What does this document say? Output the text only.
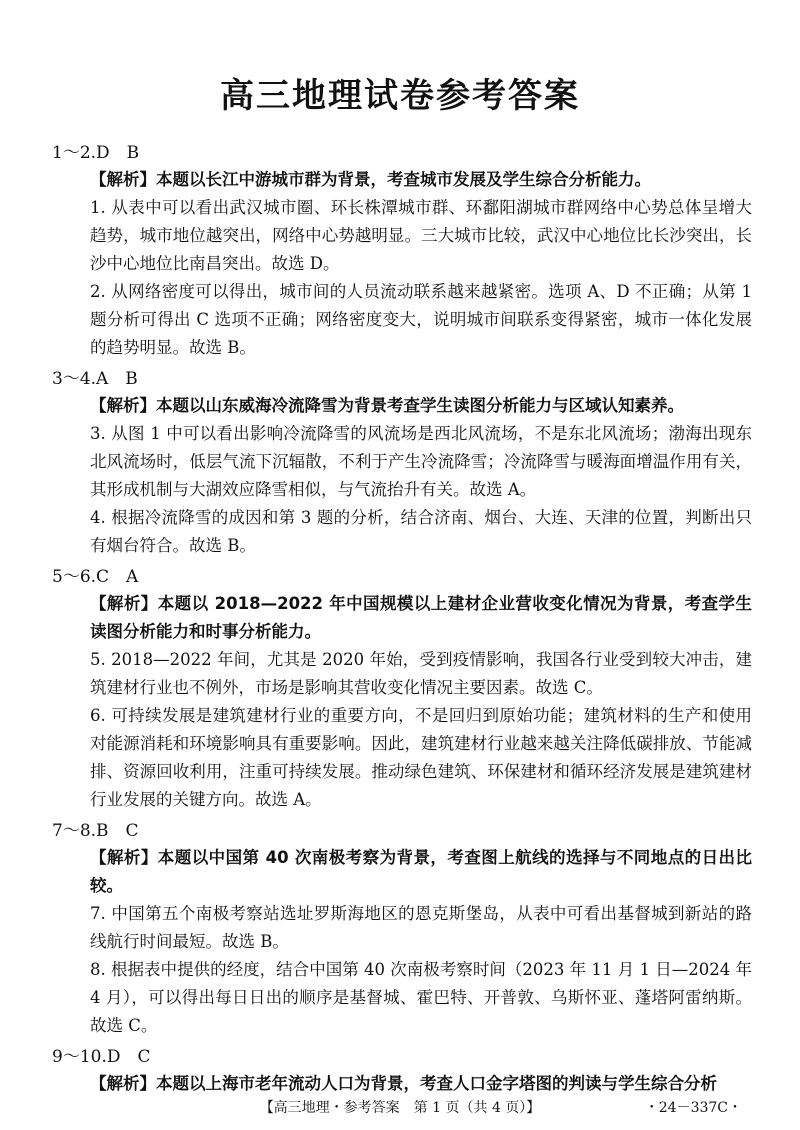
高三地理试卷参考答案

1～2.D　B

【解析】本题以长江中游城市群为背景，考查城市发展及学生综合分析能力。

1. 从表中可以看出武汉城市圈、环长株潭城市群、环鄱阳湖城市群网络中心势总体呈增大趋势，城市地位越突出，网络中心势越明显。三大城市比较，武汉中心地位比长沙突出，长沙中心地位比南昌突出。故选 D。

2. 从网络密度可以得出，城市间的人员流动联系越来越紧密。选项 A、D 不正确；从第 1 题分析可得出 C 选项不正确；网络密度变大，说明城市间联系变得紧密，城市一体化发展的趋势明显。故选 B。

3～4.A　B

【解析】本题以山东威海冷流降雪为背景考查学生读图分析能力与区域认知素养。

3. 从图 1 中可以看出影响冷流降雪的风流场是西北风流场，不是东北风流场；渤海出现东北风流场时，低层气流下沉辐散，不利于产生冷流降雪；冷流降雪与暖海面增温作用有关，其形成机制与大湖效应降雪相似，与气流抬升有关。故选 A。

4. 根据冷流降雪的成因和第 3 题的分析，结合济南、烟台、大连、天津的位置，判断出只有烟台符合。故选 B。

5～6.C　A

【解析】本题以 2018—2022 年中国规模以上建材企业营收变化情况为背景，考查学生读图分析能力和时事分析能力。

5. 2018—2022 年间，尤其是 2020 年始，受到疫情影响，我国各行业受到较大冲击，建筑建材行业也不例外，市场是影响其营收变化情况主要因素。故选 C。

6. 可持续发展是建筑建材行业的重要方向，不是回归到原始功能；建筑材料的生产和使用对能源消耗和环境影响具有重要影响。因此，建筑建材行业越来越关注降低碳排放、节能减排、资源回收利用，注重可持续发展。推动绿色建筑、环保建材和循环经济发展是建筑建材行业发展的关键方向。故选 A。

7～8.B　C

【解析】本题以中国第 40 次南极考察为背景，考查图上航线的选择与不同地点的日出比较。

7. 中国第五个南极考察站选址罗斯海地区的恩克斯堡岛，从表中可看出基督城到新站的路线航行时间最短。故选 B。

8. 根据表中提供的经度，结合中国第 40 次南极考察时间（2023 年 11 月 1 日—2024 年 4 月），可以得出每日日出的顺序是基督城、霍巴特、开普敦、乌斯怀亚、蓬塔阿雷纳斯。故选 C。

9～10.D　C

【解析】本题以上海市老年流动人口为背景，考查人口金字塔图的判读与学生综合分析

【高三地理・参考答案　第 1 页（共 4 页）】	・24－337C・
